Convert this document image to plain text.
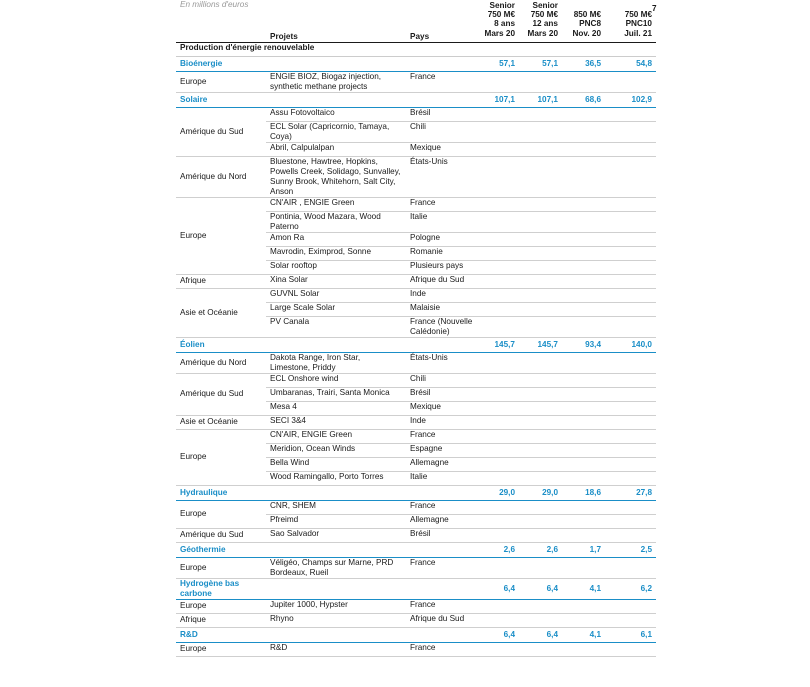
7
En millions d'euros	Projets	Pays	Senior
750 M€
8 ans
Mars 20	Senior
750 M€
12 ans
Mars 20	850 M€
PNC8
Nov. 20	750 M€
PNC10
Juil. 21
Production d'énergie renouvelable						
Bioénergie			57,1	57,1	36,5	54,8
Europe	ENGIE BIOZ, Biogaz injection, synthetic methane projects	France				
Solaire			107,1	107,1	68,6	102,9
Amérique du Sud	Assu Fotovoltaico	Brésil				
	ECL Solar (Capricornio, Tamaya, Coya)	Chili				
	Abril, Calpulalpan	Mexique				
Amérique du Nord	Bluestone, Hawtree, Hopkins, Powells Creek, Solidago, Sunvalley, Sunny Brook, Whitehorn, Salt City, Anson	États-Unis				
Europe	CN'AIR , ENGIE Green	France				
	Pontinia, Wood Mazara, Wood Paterno	Italie				
	Amon Ra	Pologne				
	Mavrodin, Eximprod, Sonne	Romanie				
	Solar rooftop	Plusieurs pays				
Afrique	Xina Solar	Afrique du Sud				
Asie et Océanie	GUVNL Solar	Inde				
	Large Scale Solar	Malaisie				
	PV Canala	France (Nouvelle Calédonie)				
Éolien			145,7	145,7	93,4	140,0
Amérique du Nord	Dakota Range, Iron Star, Limestone, Priddy	États-Unis				
Amérique du Sud	ECL Onshore wind	Chili				
	Umbaranas, Trairi, Santa Monica	Brésil				
	Mesa 4	Mexique				
Asie et Océanie	SECI 3&4	Inde				
Europe	CN'AIR, ENGIE Green	France				
	Meridion, Ocean Winds	Espagne				
	Bella Wind	Allemagne				
	Wood Ramingallo, Porto Torres	Italie				
Hydraulique			29,0	29,0	18,6	27,8
Europe	CNR, SHEM	France				
	Pfreimd	Allemagne				
Amérique du Sud	Sao Salvador	Brésil				
Géothermie			2,6	2,6	1,7	2,5
Europe	Véligéo, Champs sur Marne, PRD Bordeaux, Rueil	France				
Hydrogène bas carbone			6,4	6,4	4,1	6,2
Europe	Jupiter 1000, Hypster	France				
Afrique	Rhyno	Afrique du Sud				
R&D			6,4	6,4	4,1	6,1
Europe	R&D	France				
